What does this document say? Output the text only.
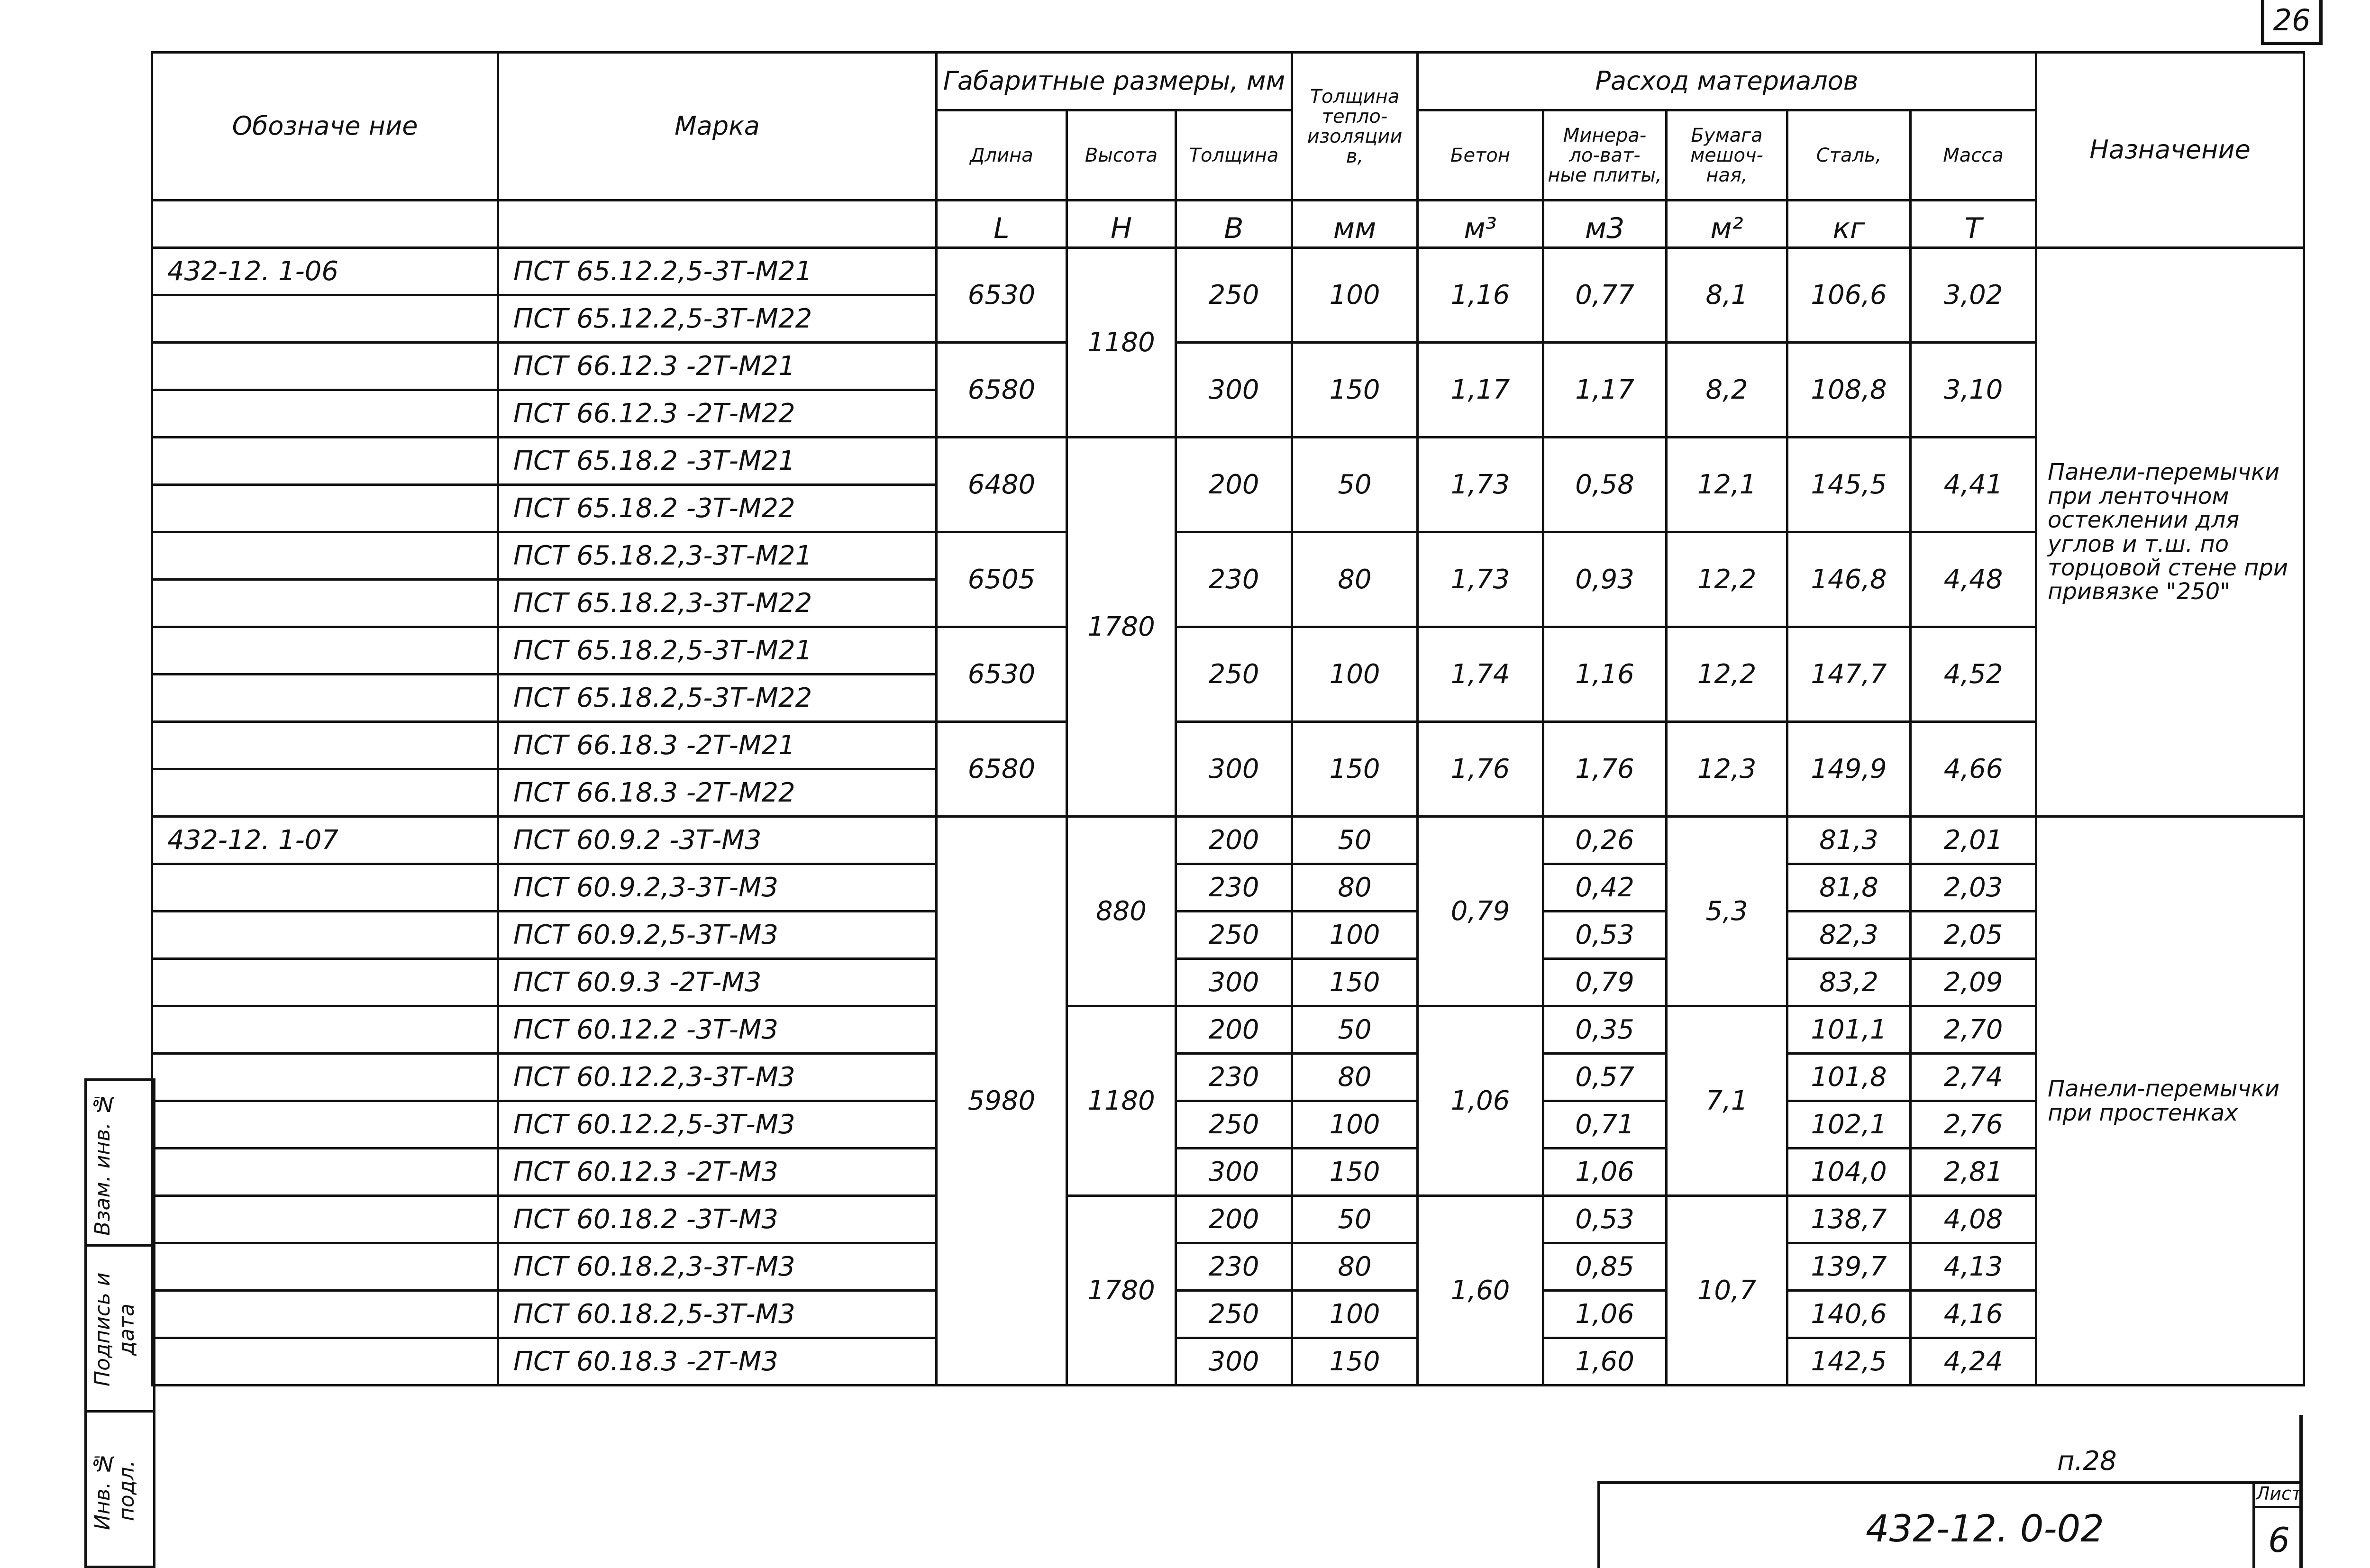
26
Обозначе ние	Марка	Габаритные размеры, мм			Толщина тепло- изоляции в,	Расход материалов					Назначение
		Длина	Высота	Толщина		Бетон	Минера- ло-ват- ные плиты,	Бумага мешоч- ная,	Сталь,	Масса	
		L	H	В	мм	м³	м3	м²	кг	Т	
432-12. 1-06	ПСТ 65.12.2,5-3Т-М21	6530	1180	250	100	1,16	0,77	8,1	106,6	3,02	Панели-перемычки при ленточном остеклении для углов и т.ш. по торцовой стене при привязке "250"
	ПСТ 65.12.2,5-3Т-М22										
	ПСТ 66.12.3 -2Т-М21	6580		300	150	1,17	1,17	8,2	108,8	3,10	
	ПСТ 66.12.3 -2Т-М22										
	ПСТ 65.18.2 -3Т-М21	6480	1780	200	50	1,73	0,58	12,1	145,5	4,41	
	ПСТ 65.18.2 -3Т-М22										
	ПСТ 65.18.2,3-3Т-М21	6505		230	80	1,73	0,93	12,2	146,8	4,48	
	ПСТ 65.18.2,3-3Т-М22										
	ПСТ 65.18.2,5-3Т-М21	6530		250	100	1,74	1,16	12,2	147,7	4,52	
	ПСТ 65.18.2,5-3Т-М22										
	ПСТ 66.18.3 -2Т-М21	6580		300	150	1,76	1,76	12,3	149,9	4,66	
	ПСТ 66.18.3 -2Т-М22										
432-12. 1-07	ПСТ 60.9.2 -3Т-М3	5980	880	200	50	0,79	0,26	5,3	81,3	2,01	Панели-перемычки при простенках
	ПСТ 60.9.2,3-3Т-М3			230	80		0,42		81,8	2,03	
	ПСТ 60.9.2,5-3Т-М3			250	100		0,53		82,3	2,05	
	ПСТ 60.9.3 -2Т-М3			300	150		0,79		83,2	2,09	
	ПСТ 60.12.2 -3Т-М3		1180	200	50	1,06	0,35	7,1	101,1	2,70	
	ПСТ 60.12.2,3-3Т-М3			230	80		0,57		101,8	2,74	
	ПСТ 60.12.2,5-3Т-М3			250	100		0,71		102,1	2,76	
	ПСТ 60.12.3 -2Т-М3			300	150		1,06		104,0	2,81	
	ПСТ 60.18.2 -3Т-М3		1780	200	50	1,60	0,53	10,7	138,7	4,08	
	ПСТ 60.18.2,3-3Т-М3			230	80		0,85		139,7	4,13	
	ПСТ 60.18.2,5-3Т-М3			250	100		1,06		140,6	4,16	
	ПСТ 60.18.3 -2Т-М3			300	150		1,60		142,5	4,24	
Взам. инв. №
Подпись и дата
Инв. № подл.	п.28
432-12. 0-02
Лист
6
